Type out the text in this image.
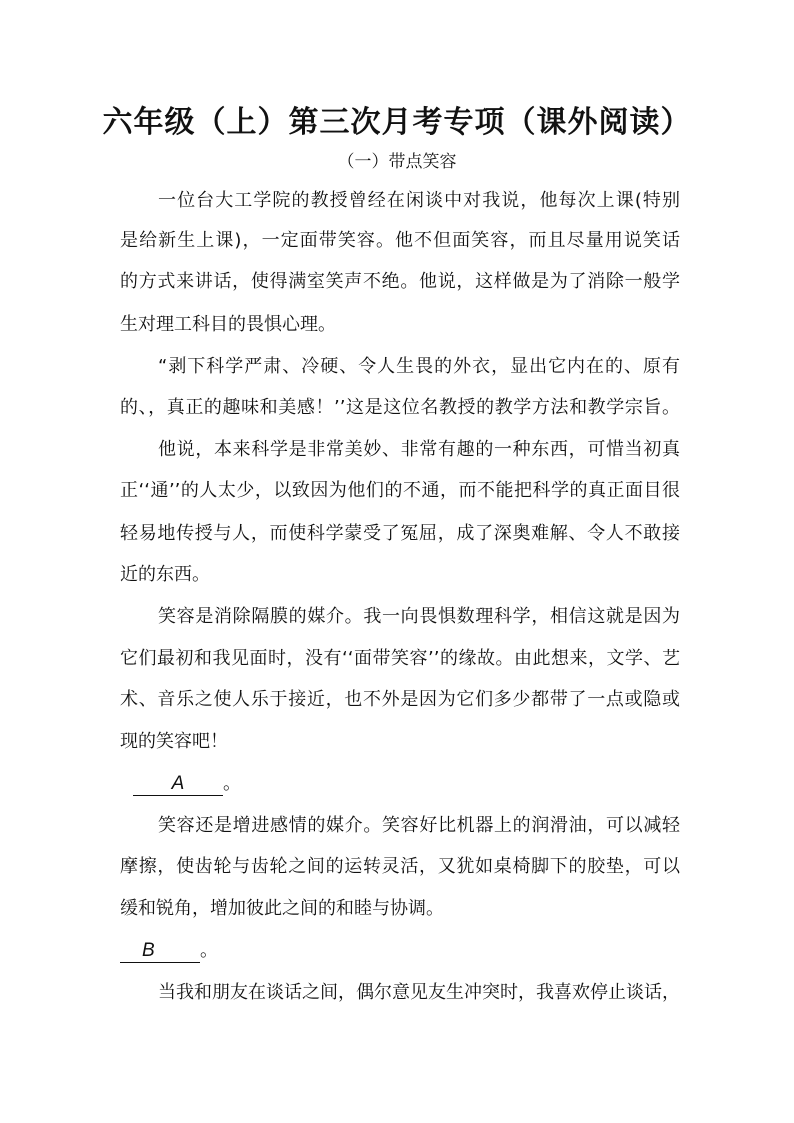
六年级（上）第三次月考专项（课外阅读）
（一）带点笑容
一位台大工学院的教授曾经在闲谈中对我说，他每次上课(特别
是给新生上课)，一定面带笑容。他不但面笑容，而且尽量用说笑话
的方式来讲话，使得满室笑声不绝。他说，这样做是为了消除一般学
生对理工科目的畏惧心理。
“剥下科学严肃、冷硬、令人生畏的外衣，显出它内在的、原有
的、，真正的趣味和美感！’’这是这位名教授的教学方法和教学宗旨。
他说，本来科学是非常美妙、非常有趣的一种东西，可惜当初真
正‘‘通’’的人太少，以致因为他们的不通，而不能把科学的真正面目很
轻易地传授与人，而使科学蒙受了冤屈，成了深奥难解、令人不敢接
近的东西。
笑容是消除隔膜的媒介。我一向畏惧数理科学，相信这就是因为
它们最初和我见面时，没有‘‘面带笑容’’的缘故。由此想来，文学、艺
术、音乐之使人乐于接近，也不外是因为它们多少都带了一点或隐或
现的笑容吧！
A 。
笑容还是增进感情的媒介。笑容好比机器上的润滑油，可以减轻
摩擦，使齿轮与齿轮之间的运转灵活，又犹如桌椅脚下的胶垫，可以
缓和锐角，增加彼此之间的和睦与协调。
B	。
当我和朋友在谈话之间，偶尔意见友生冲突时，我喜欢停止谈话，
